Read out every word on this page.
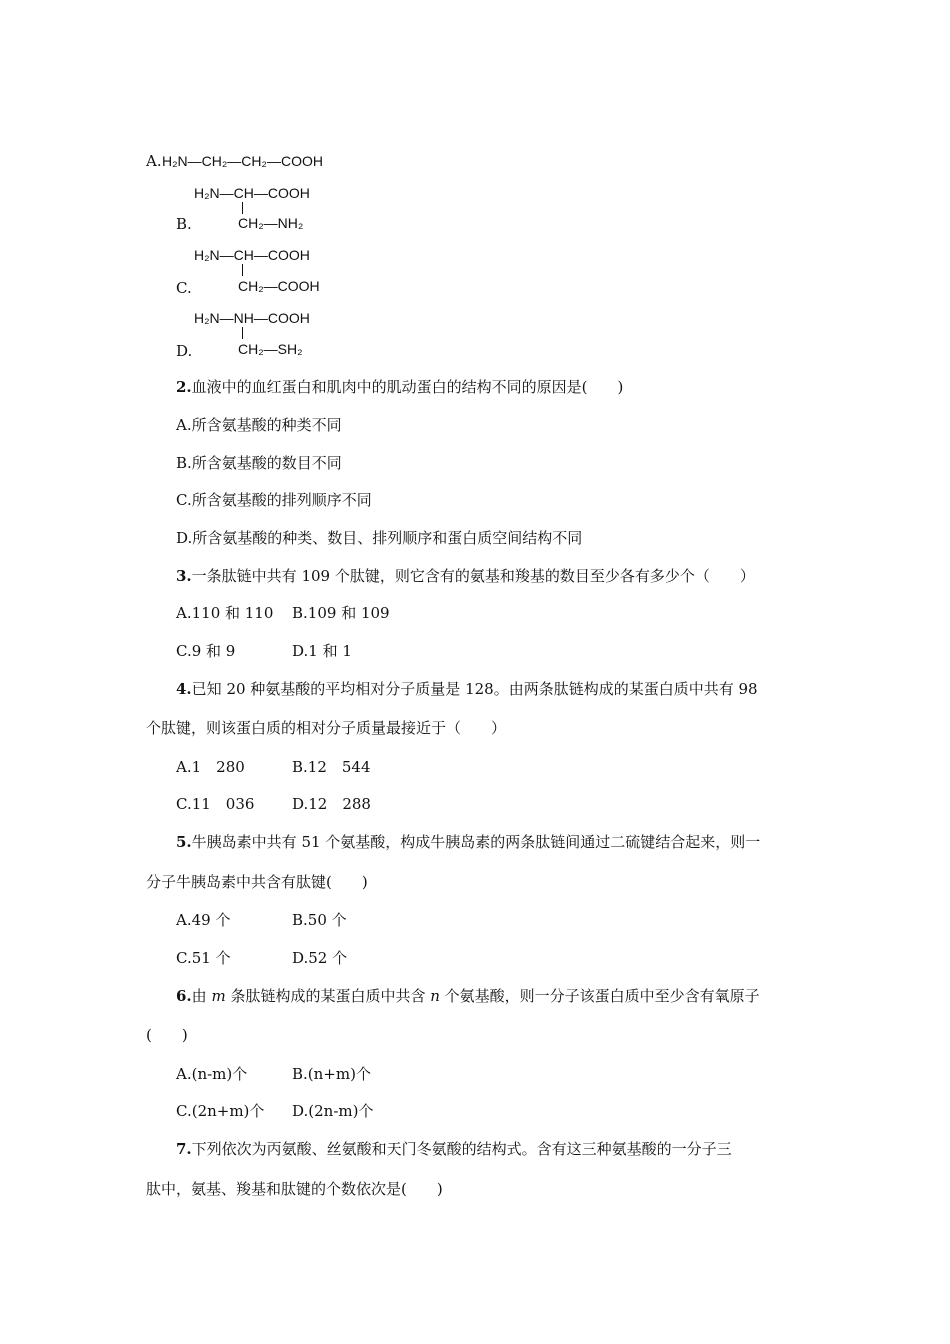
A. H₂N—CH₂—CH₂—COOH
H₂N—CH—COOH
B.	CH₂—NH₂
H₂N—CH—COOH
C.	CH₂—COOH
H₂N—NH—COOH
D.	CH₂—SH₂
2.血液中的血红蛋白和肌肉中的肌动蛋白的结构不同的原因是(　　)
A.所含氨基酸的种类不同
B.所含氨基酸的数目不同
C.所含氨基酸的排列顺序不同
D.所含氨基酸的种类、数目、排列顺序和蛋白质空间结构不同
3.一条肽链中共有 109 个肽键，则它含有的氨基和羧基的数目至少各有多少个（　　）
A.110 和 110 B.109 和 109
C.9 和 9	D.1 和 1
4.已知 20 种氨基酸的平均相对分子质量是 128。由两条肽链构成的某蛋白质中共有 98
个肽键，则该蛋白质的相对分子质量最接近于（　　）
A.1　280	B.12　544
C.11　036	D.12　288
5.牛胰岛素中共有 51 个氨基酸，构成牛胰岛素的两条肽链间通过二硫键结合起来，则一
分子牛胰岛素中共含有肽键(　　)
A.49 个	B.50 个
C.51 个	D.52 个
6.由 m 条肽链构成的某蛋白质中共含 n 个氨基酸，则一分子该蛋白质中至少含有氧原子
(　　)
A.(n-m)个	B.(n+m)个
C.(2n+m)个 D.(2n-m)个
7.下列依次为丙氨酸、丝氨酸和天门冬氨酸的结构式。含有这三种氨基酸的一分子三
肽中，氨基、羧基和肽键的个数依次是(　　)
